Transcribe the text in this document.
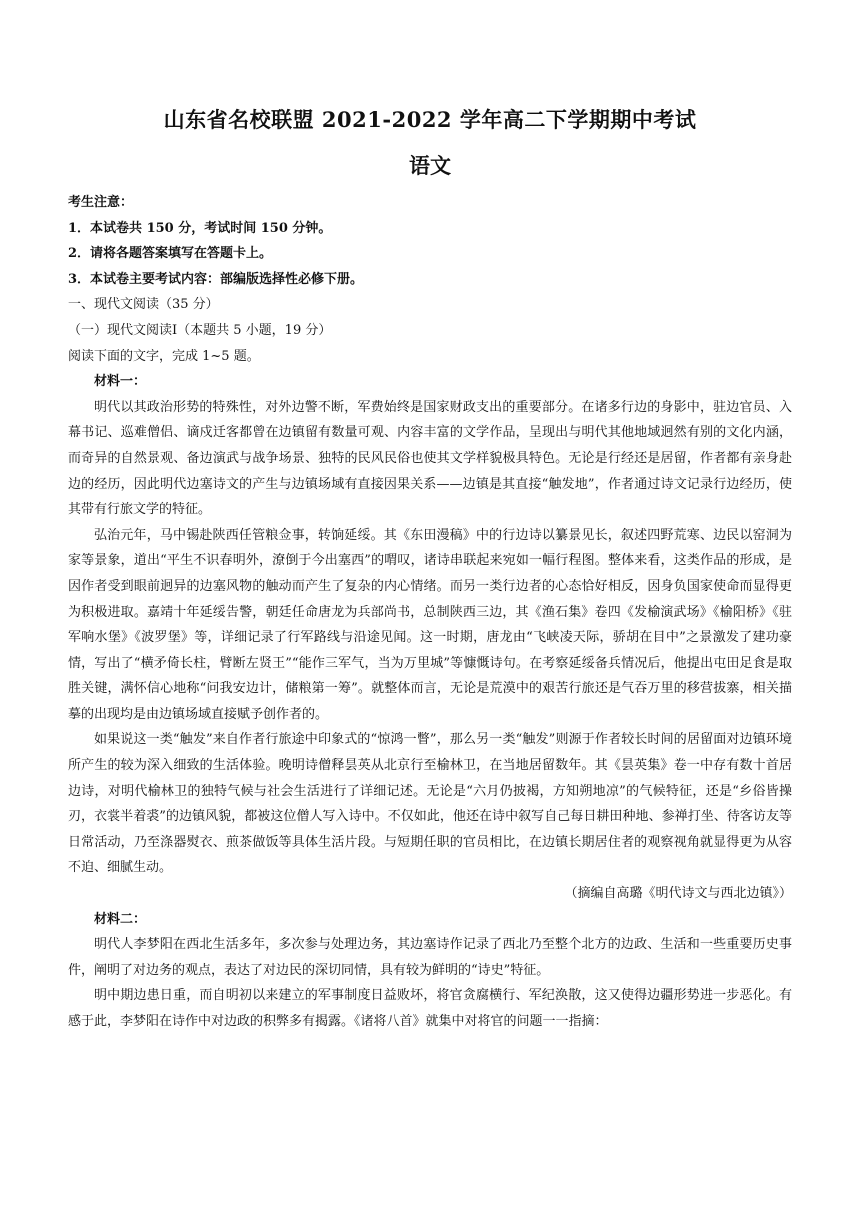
山东省名校联盟 2021-2022 学年高二下学期期中考试
语文

考生注意：

1．本试卷共 150 分，考试时间 150 分钟。

2．请将各题答案填写在答题卡上。

3．本试卷主要考试内容：部编版选择性必修下册。

一、现代文阅读（35 分）

（一）现代文阅读Ⅰ（本题共 5 小题，19 分）

阅读下面的文字，完成 1~5 题。

材料一：

明代以其政治形势的特殊性，对外边警不断，军费始终是国家财政支出的重要部分。在诸多行边的身影中，驻边官员、入幕书记、巡难僧侣、谪戍迁客都曾在边镇留有数量可观、内容丰富的文学作品，呈现出与明代其他地域迥然有别的文化内涵，而奇异的自然景观、备边演武与战争场景、独特的民风民俗也使其文学样貌极具特色。无论是行经还是居留，作者都有亲身赴边的经历，因此明代边塞诗文的产生与边镇场域有直接因果关系——边镇是其直接“触发地”，作者通过诗文记录行边经历，使其带有行旅文学的特征。

弘治元年，马中锡赴陕西任管粮佥事，转饷延绥。其《东田漫稿》中的行边诗以纂景见长，叙述四野荒寒、边民以窑洞为家等景象，道出“平生不识春明外，潦倒于今出塞西”的喟叹，诸诗串联起来宛如一幅行程图。整体来看，这类作品的形成，是因作者受到眼前迥异的边塞风物的触动而产生了复杂的内心情绪。而另一类行边者的心态恰好相反，因身负国家使命而显得更为积极进取。嘉靖十年延绥告警，朝廷任命唐龙为兵部尚书，总制陕西三边，其《渔石集》卷四《发榆演武场》《榆阳桥》《驻军响水堡》《波罗堡》等，详细记录了行军路线与沿途见闻。这一时期，唐龙由“飞峡凌天际，骄胡在目中”之景激发了建功豪情，写出了“横矛倚长柱，臂断左贤王”“能作三军气，当为万里城”等慷慨诗句。在考察延绥备兵情况后，他提出屯田足食是取胜关键，满怀信心地称“问我安边计，储粮第一筹”。就整体而言，无论是荒漠中的艰苦行旅还是气吞万里的移营拔寨，相关描摹的出现均是由边镇场域直接赋予创作者的。

如果说这一类“触发”来自作者行旅途中印象式的“惊鸿一瞥”，那么另一类“触发”则源于作者较长时间的居留面对边镇环境所产生的较为深入细致的生活体验。晚明诗僧释昙英从北京行至榆林卫，在当地居留数年。其《昙英集》卷一中存有数十首居边诗，对明代榆林卫的独特气候与社会生活进行了详细记述。无论是“六月仍披褐，方知朔地凉”的气候特征，还是“乡俗皆操刃，衣裳半着裘”的边镇风貌，都被这位僧人写入诗中。不仅如此，他还在诗中叙写自己每日耕田种地、参禅打坐、待客访友等日常活动，乃至涤器熨衣、煎茶做饭等具体生活片段。与短期任职的官员相比，在边镇长期居住者的观察视角就显得更为从容不迫、细腻生动。

（摘编自高璐《明代诗文与西北边镇》）

材料二：

明代人李梦阳在西北生活多年，多次参与处理边务，其边塞诗作记录了西北乃至整个北方的边政、生活和一些重要历史事件，阐明了对边务的观点，表达了对边民的深切同情，具有较为鲜明的“诗史”特征。

明中期边患日重，而自明初以来建立的军事制度日益败坏，将官贪腐横行、军纪涣散，这又使得边疆形势进一步恶化。有感于此，李梦阳在诗作中对边政的积弊多有揭露。《诸将八首》就集中对将官的问题一一指摘：
